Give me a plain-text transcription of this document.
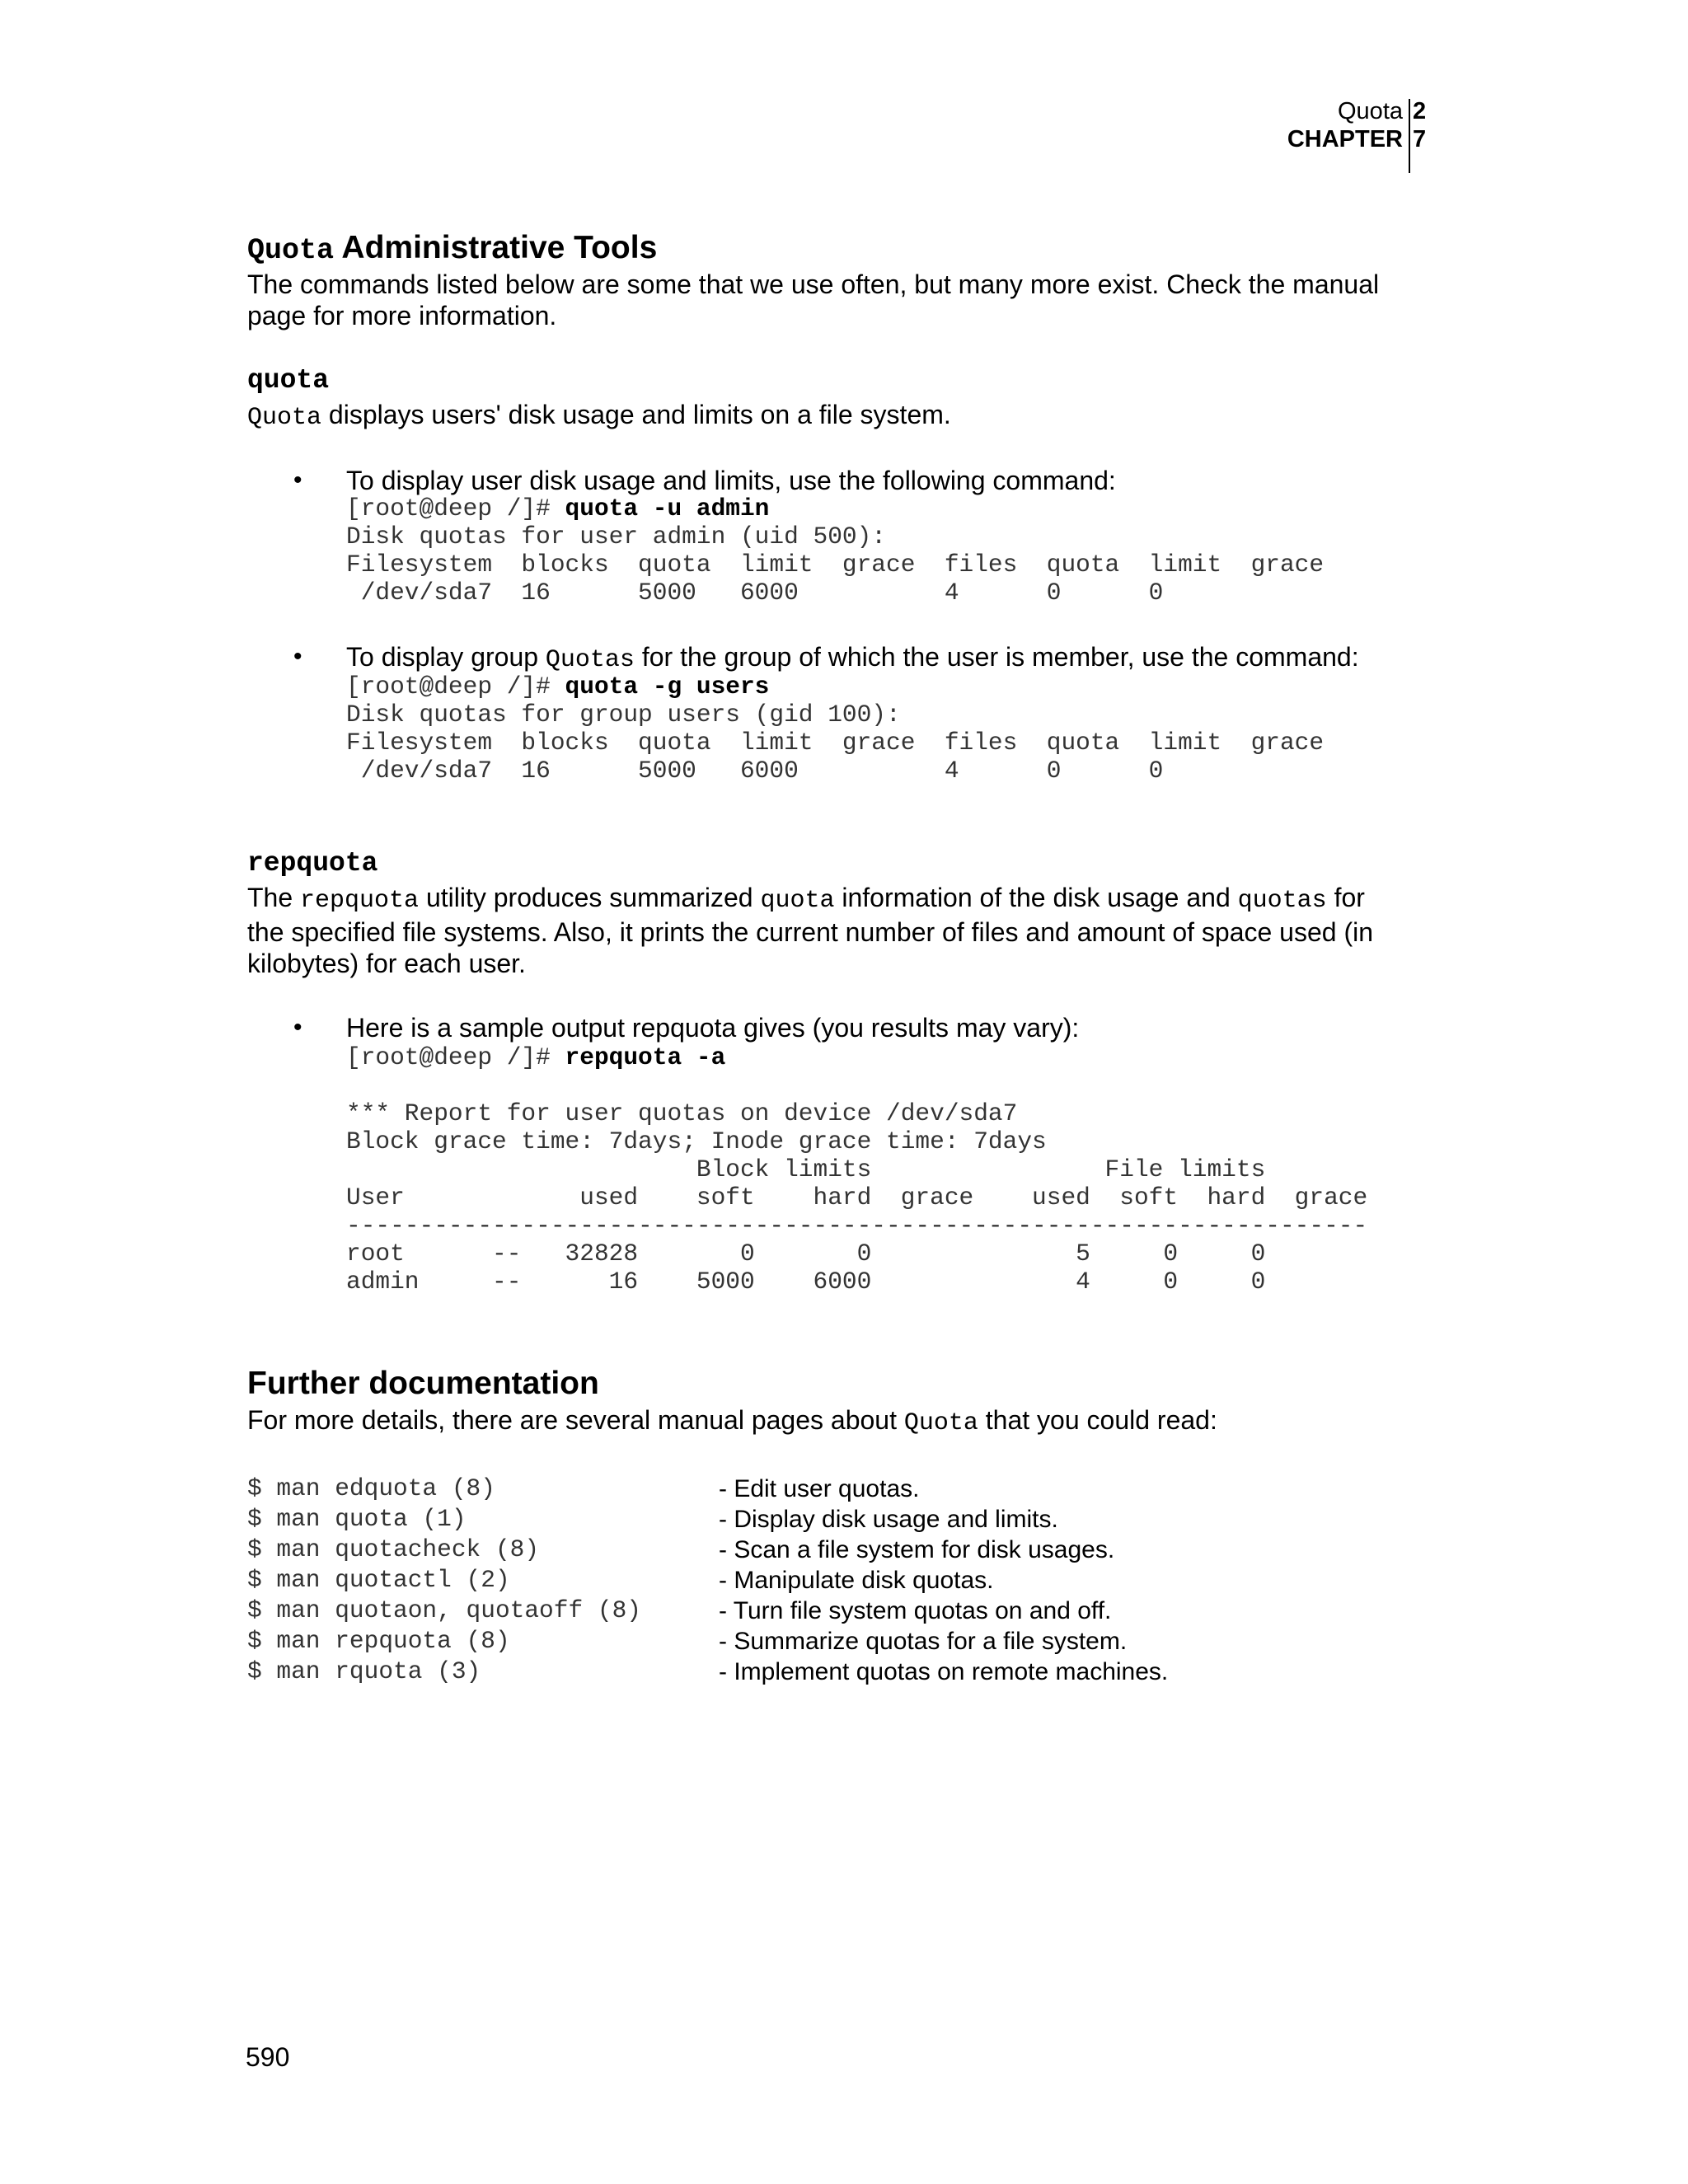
Quota 2
CHAPTER 7
Quota Administrative Tools
The commands listed below are some that we use often, but many more exist. Check the manual
page for more information.
quota
Quota displays users' disk usage and limits on a file system.
• To display user disk usage and limits, use the following command:
[root@deep /]# quota -u admin
Disk quotas for user admin (uid 500):
Filesystem  blocks  quota  limit  grace  files  quota  limit  grace
/dev/sda7  16      5000   6000          4      0      0
• To display group Quotas for the group of which the user is member, use the command:
[root@deep /]# quota -g users
Disk quotas for group users (gid 100):
Filesystem  blocks  quota  limit  grace  files  quota  limit  grace
/dev/sda7  16      5000   6000          4      0      0
repquota
The repquota utility produces summarized quota information of the disk usage and quotas for
the specified file systems. Also, it prints the current number of files and amount of space used (in
kilobytes) for each user.
• Here is a sample output repquota gives (you results may vary):
[root@deep /]# repquota -a

*** Report for user quotas on device /dev/sda7
Block grace time: 7days; Inode grace time: 7days
Block limits                File limits
User            used    soft    hard  grace    used  soft  hard  grace
----------------------------------------------------------------------
root      --   32828       0       0              5     0     0
admin     --      16    5000    6000              4     0     0
Further documentation
For more details, there are several manual pages about Quota that you could read:
$ man edquota (8)	- Edit user quotas.
$ man quota (1)	- Display disk usage and limits.
$ man quotacheck (8)	- Scan a file system for disk usages.
$ man quotactl (2)	- Manipulate disk quotas.
$ man quotaon, quotaoff (8)	- Turn file system quotas on and off.
$ man repquota (8)	- Summarize quotas for a file system.
$ man rquota (3)	- Implement quotas on remote machines.
590
